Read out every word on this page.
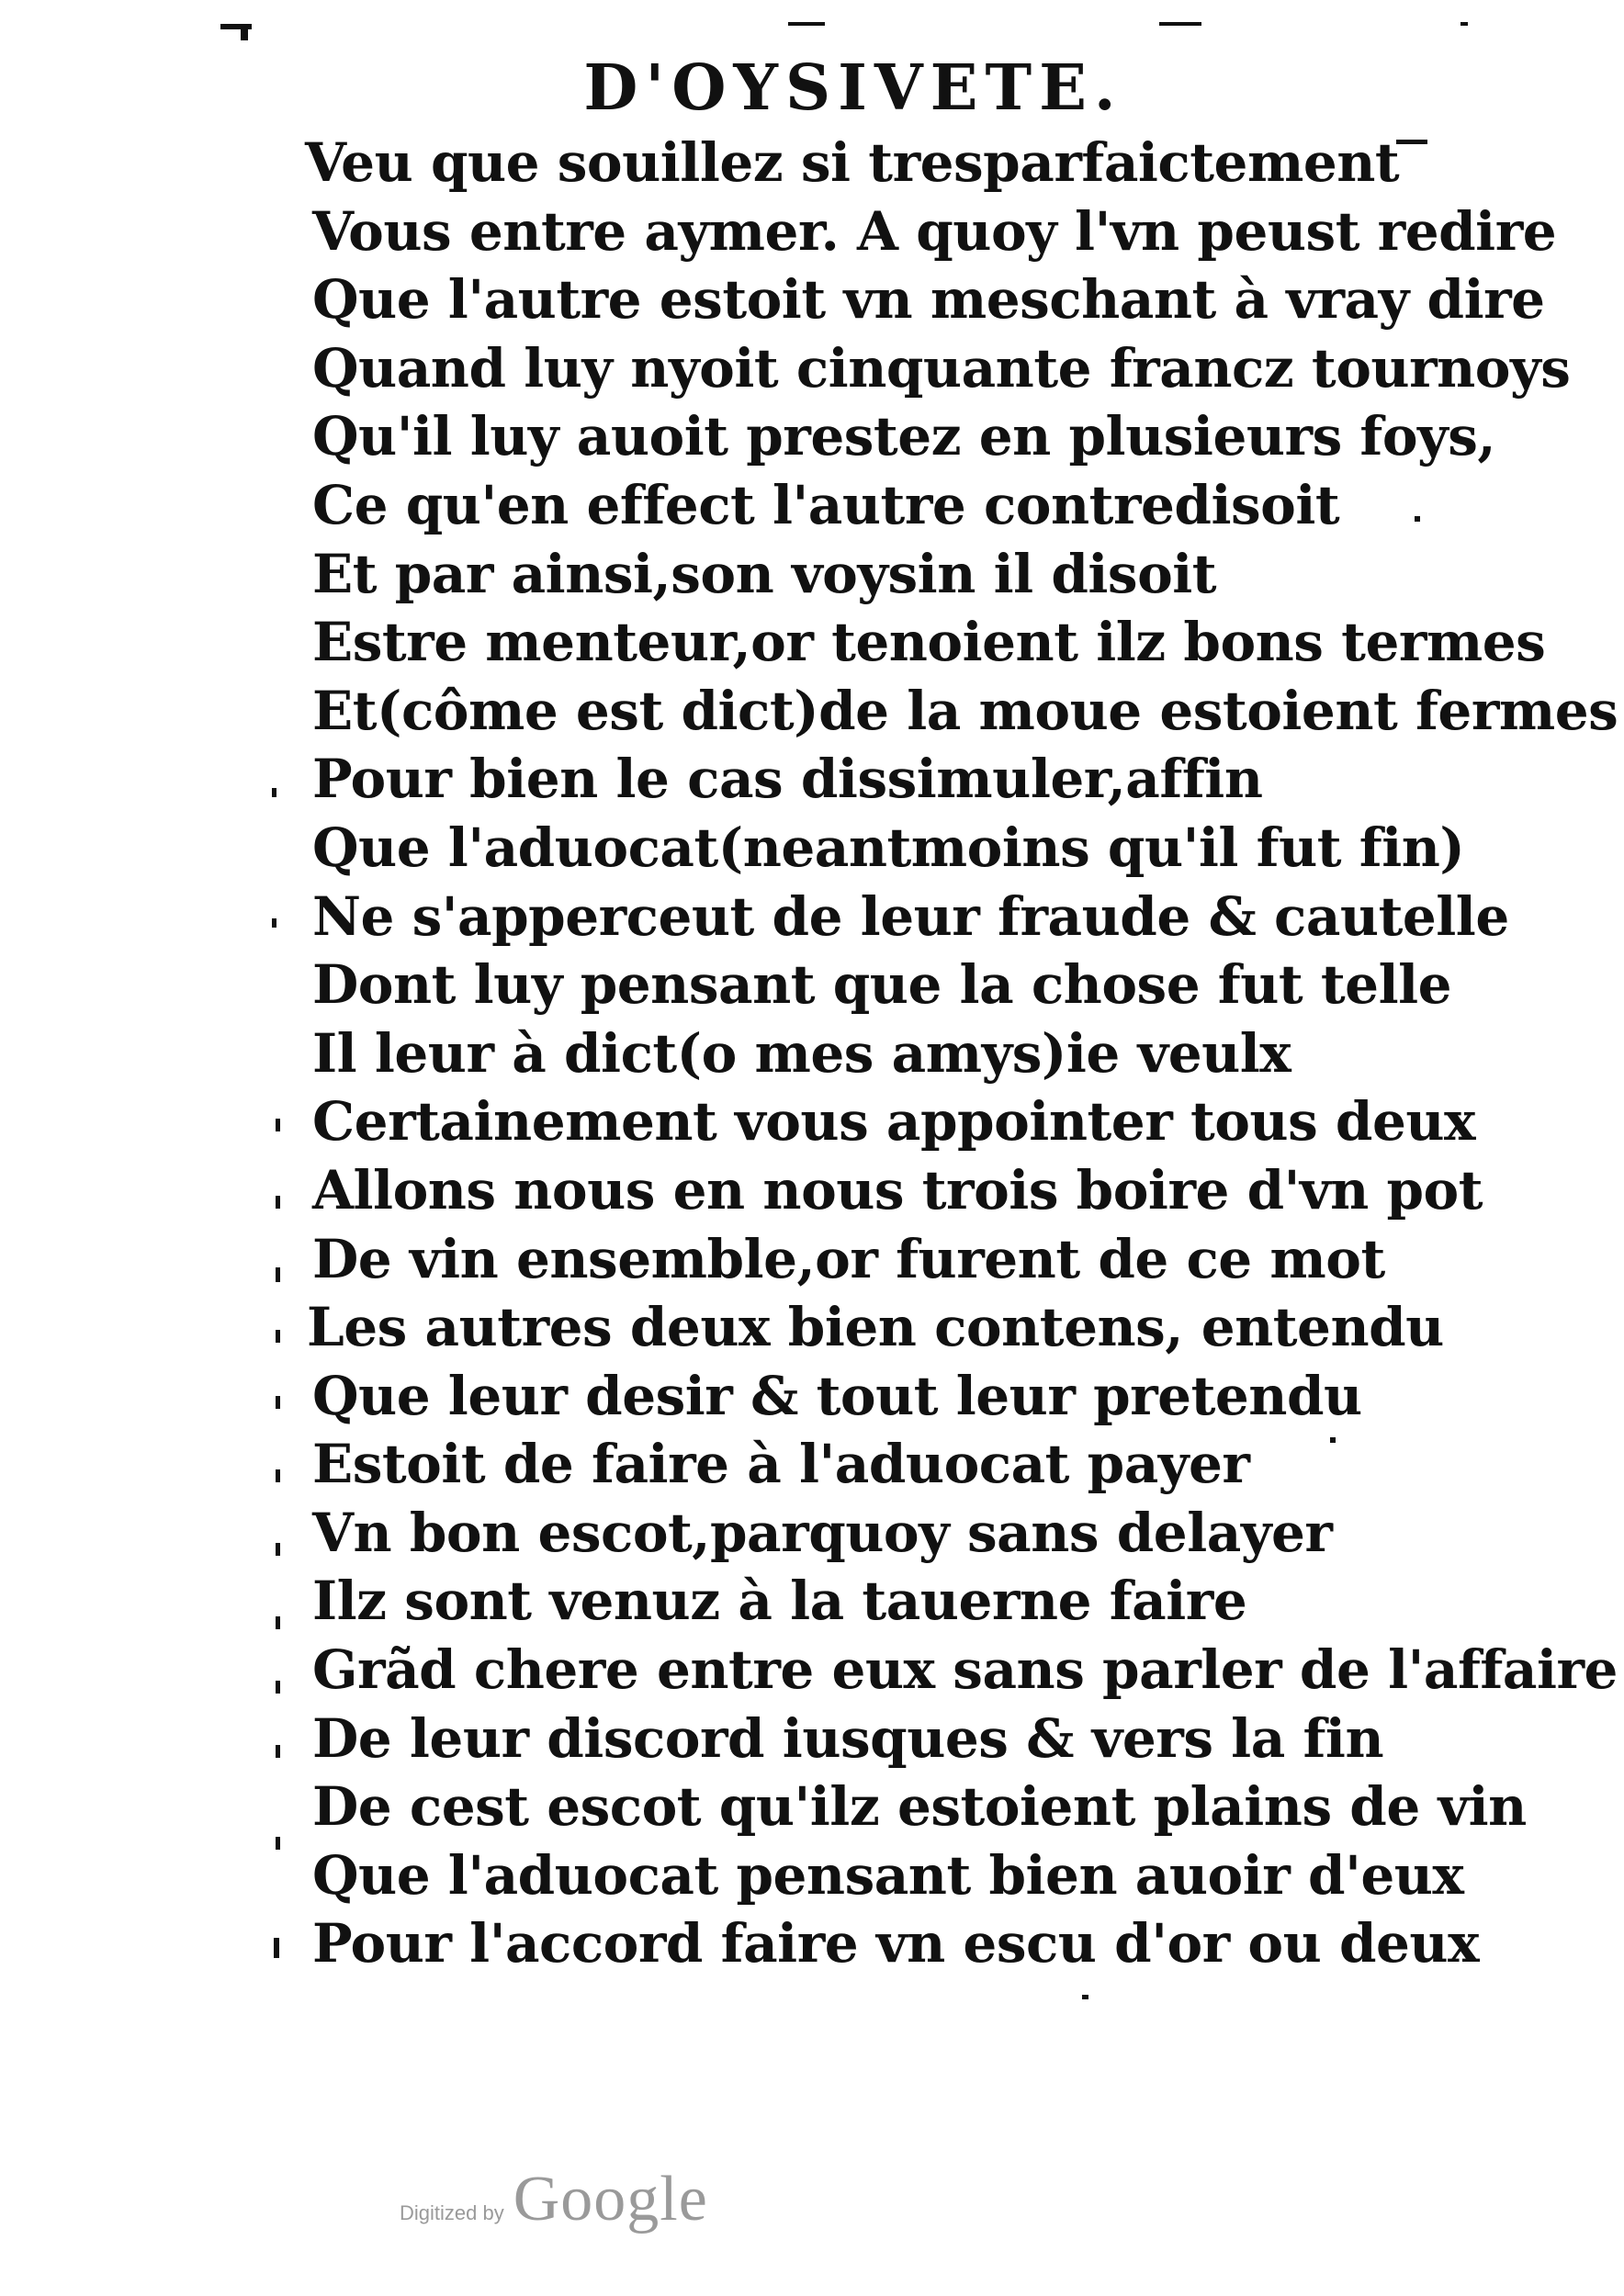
D'OYSIVETE.
Veu que souillez si tresparfaictement
Vous entre aymer. A quoy l'vn peust redire
Que l'autre estoit vn meschant à vray dire
Quand luy nyoit cinquante francz tournoys
Qu'il luy auoit prestez en plusieurs foys,
Ce qu'en effect l'autre contredisoit
Et par ainsi,son voysin il disoit
Estre menteur,or tenoient ilz bons termes
Et(côme est dict)de la moue estoient fermes
Pour bien le cas dissimuler,affin
Que l'aduocat(neantmoins qu'il fut fin)
Ne s'apperceut de leur fraude & cautelle
Dont luy pensant que la chose fut telle
Il leur à dict(o mes amys)ie veulx
Certainement vous appointer tous deux
Allons nous en nous trois boire d'vn pot
De vin ensemble,or furent de ce mot
Les autres deux bien contens, entendu
Que leur desir & tout leur pretendu
Estoit de faire à l'aduocat payer
Vn bon escot,parquoy sans delayer
Ilz sont venuz à la tauerne faire
Grãd chere entre eux sans parler de l'affaire
De leur discord iusques & vers la fin
De cest escot qu'ilz estoient plains de vin
Que l'aduocat pensant bien auoir d'eux
Pour l'accord faire vn escu d'or ou deux
Digitized by Google
